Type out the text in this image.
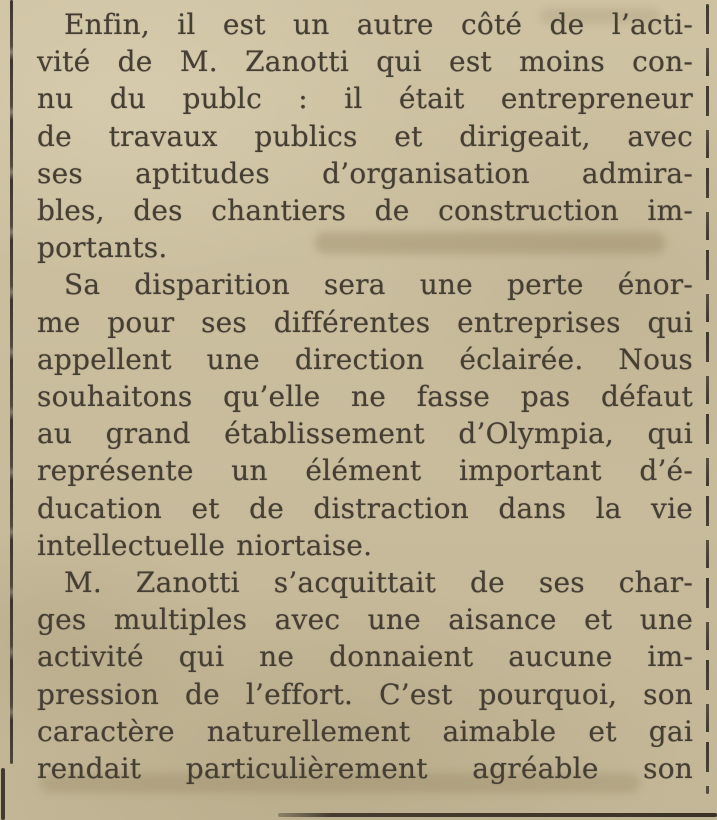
Enfin, il est un autre côté de l’acti-
vité de M. Zanotti qui est moins con-
nu du publc : il était entrepreneur
de travaux publics et dirigeait, avec
ses aptitudes d’organisation admira-
bles, des chantiers de construction im-
portants.
Sa disparition sera une perte énor-
me pour ses différentes entreprises qui
appellent une direction éclairée. Nous
souhaitons qu’elle ne fasse pas défaut
au grand établissement d’Olympia, qui
représente un élément important d’é-
ducation et de distraction dans la vie
intellectuelle niortaise.
M. Zanotti s’acquittait de ses char-
ges multiples avec une aisance et une
activité qui ne donnaient aucune im-
pression de l’effort. C’est pourquoi, son
caractère naturellement aimable et gai
rendait particulièrement agréable son
